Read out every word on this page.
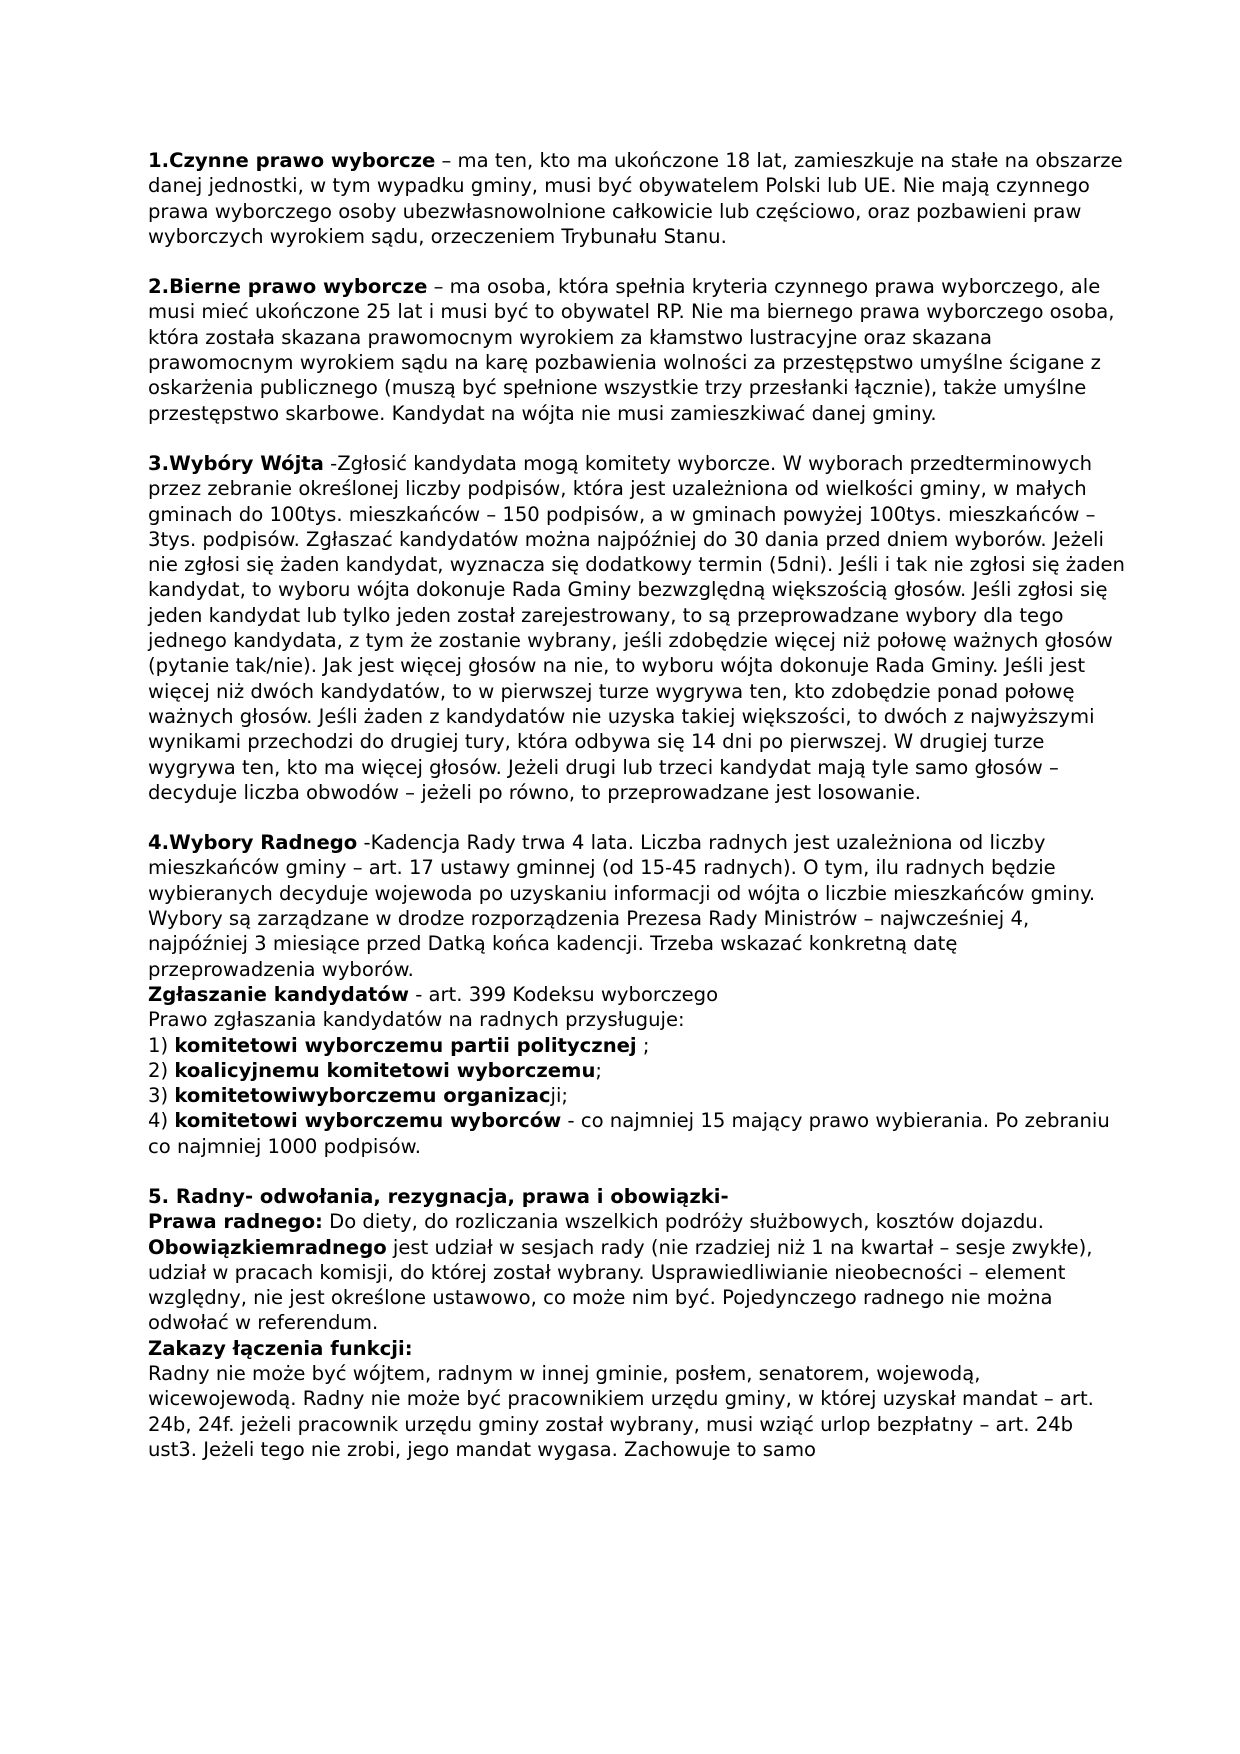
1.Czynne prawo wyborcze – ma ten, kto ma ukończone 18 lat, zamieszkuje na stałe na obszarze danej jednostki, w tym wypadku gminy, musi być obywatelem Polski lub UE. Nie mają czynnego prawa wyborczego osoby ubezwłasnowolnione całkowicie lub częściowo, oraz pozbawieni praw wyborczych wyrokiem sądu, orzeczeniem Trybunału Stanu.

2.Bierne prawo wyborcze – ma osoba, która spełnia kryteria czynnego prawa wyborczego, ale musi mieć ukończone 25 lat i musi być to obywatel RP. Nie ma biernego prawa wyborczego osoba, która została skazana prawomocnym wyrokiem za kłamstwo lustracyjne oraz skazana prawomocnym wyrokiem sądu na karę pozbawienia wolności za przestępstwo umyślne ścigane z oskarżenia publicznego (muszą być spełnione wszystkie trzy przesłanki łącznie), także umyślne przestępstwo skarbowe. Kandydat na wójta nie musi zamieszkiwać danej gminy.

3.Wybóry Wójta -Zgłosić kandydata mogą komitety wyborcze. W wyborach przedterminowych przez zebranie określonej liczby podpisów, która jest uzależniona od wielkości gminy, w małych gminach do 100tys. mieszkańców – 150 podpisów, a w gminach powyżej 100tys. mieszkańców – 3tys. podpisów. Zgłaszać kandydatów można najpóźniej do 30 dania przed dniem wyborów. Jeżeli nie zgłosi się żaden kandydat, wyznacza się dodatkowy termin (5dni). Jeśli i tak nie zgłosi się żaden kandydat, to wyboru wójta dokonuje Rada Gminy bezwzględną większością głosów. Jeśli zgłosi się jeden kandydat lub tylko jeden został zarejestrowany, to są przeprowadzane wybory dla tego jednego kandydata, z tym że zostanie wybrany, jeśli zdobędzie więcej niż połowę ważnych głosów (pytanie tak/nie). Jak jest więcej głosów na nie, to wyboru wójta dokonuje Rada Gminy. Jeśli jest więcej niż dwóch kandydatów, to w pierwszej turze wygrywa ten, kto zdobędzie ponad połowę ważnych głosów. Jeśli żaden z kandydatów nie uzyska takiej większości, to dwóch z najwyższymi wynikami przechodzi do drugiej tury, która odbywa się 14 dni po pierwszej. W drugiej turze wygrywa ten, kto ma więcej głosów. Jeżeli drugi lub trzeci kandydat mają tyle samo głosów – decyduje liczba obwodów – jeżeli po równo, to przeprowadzane jest losowanie.

4.Wybory Radnego -Kadencja Rady trwa 4 lata. Liczba radnych jest uzależniona od liczby mieszkańców gminy – art. 17 ustawy gminnej (od 15-45 radnych). O tym, ilu radnych będzie wybieranych decyduje wojewoda po uzyskaniu informacji od wójta o liczbie mieszkańców gminy. Wybory są zarządzane w drodze rozporządzenia Prezesa Rady Ministrów – najwcześniej 4, najpóźniej 3 miesiące przed Datką końca kadencji. Trzeba wskazać konkretną datę przeprowadzenia wyborów.

Zgłaszanie kandydatów - art. 399 Kodeksu wyborczego

Prawo zgłaszania kandydatów na radnych przysługuje:

1) komitetowi wyborczemu partii politycznej ;

2) koalicyjnemu komitetowi wyborczemu;

3) komitetowiwyborczemu organizacji;

4) komitetowi wyborczemu wyborców - co najmniej 15 mający prawo wybierania. Po zebraniu co najmniej 1000 podpisów.

5. Radny- odwołania, rezygnacja, prawa i obowiązki-

Prawa radnego: Do diety, do rozliczania wszelkich podróży służbowych, kosztów dojazdu.

Obowiązkiemradnego jest udział w sesjach rady (nie rzadziej niż 1 na kwartał – sesje zwykłe), udział w pracach komisji, do której został wybrany. Usprawiedliwianie nieobecności – element względny, nie jest określone ustawowo, co może nim być. Pojedynczego radnego nie można odwołać w referendum.

Zakazy łączenia funkcji:

Radny nie może być wójtem, radnym w innej gminie, posłem, senatorem, wojewodą, wicewojewodą. Radny nie może być pracownikiem urzędu gminy, w której uzyskał mandat – art. 24b, 24f. jeżeli pracownik urzędu gminy został wybrany, musi wziąć urlop bezpłatny – art. 24b ust3. Jeżeli tego nie zrobi, jego mandat wygasa. Zachowuje to samo
